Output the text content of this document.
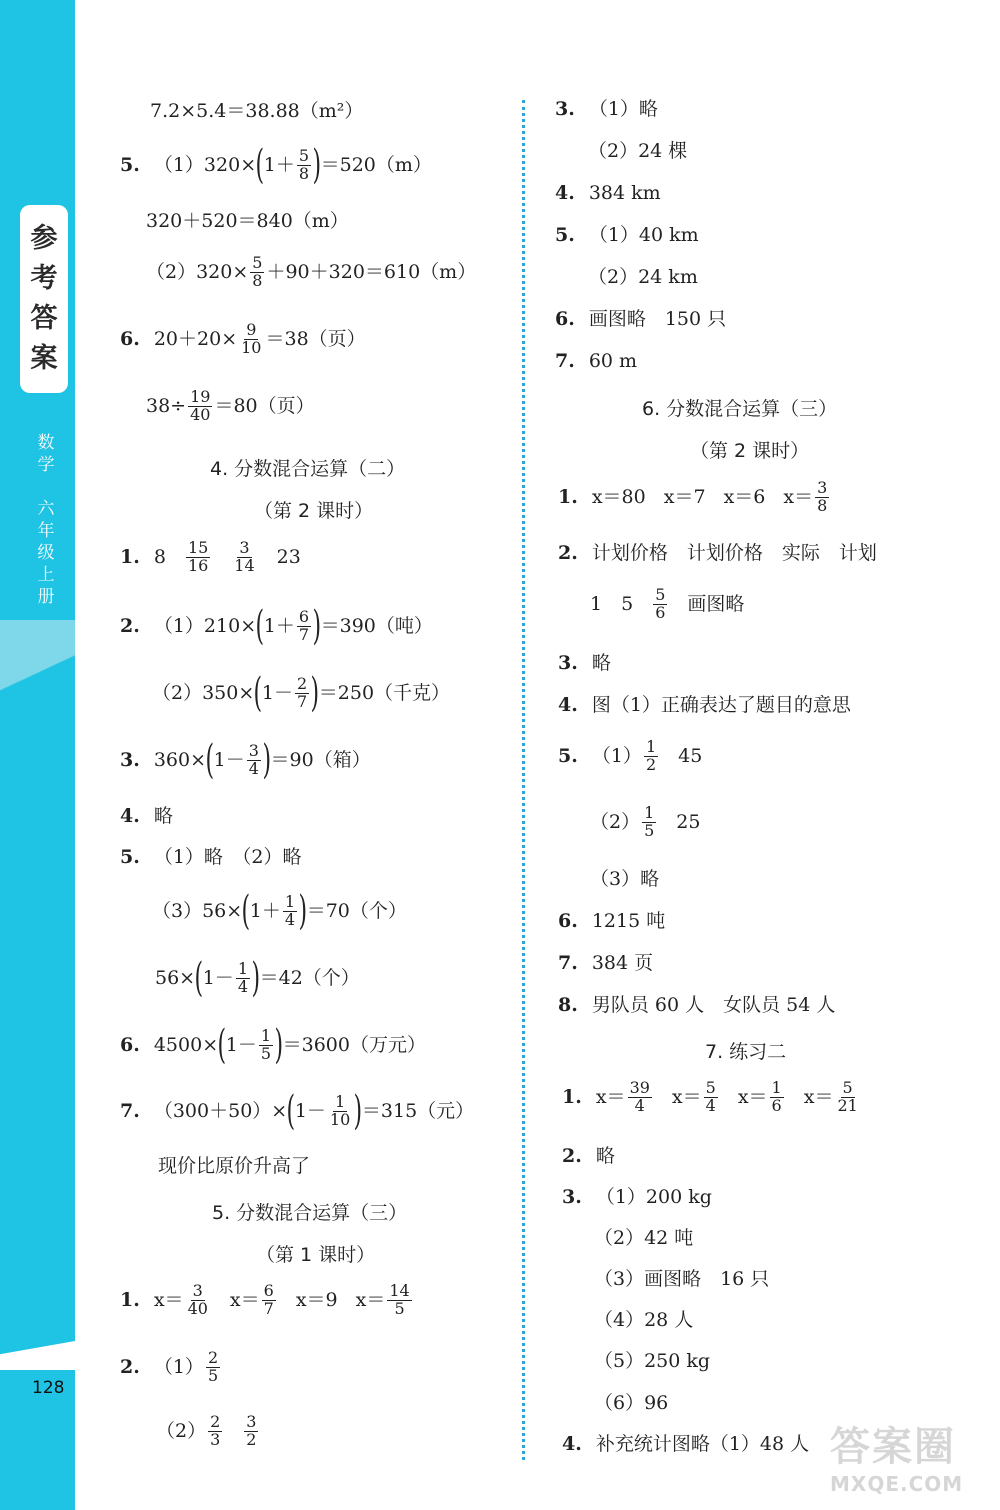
参
考
答
案
数
学
六
年
级
上
册
128
7.2×5.4＝38.88（m²）
5. （1）320× ( $1+ \frac{5}{8}$ ) ＝520（m）
320＋520＝840（m）
$(2)320\times \frac{5}{8} +90+320=610(m)$
6. $20+20\times \frac{9}{10} =38$（页）
$38\div \frac{19}{40} =80$（页）
4. 分数混合运算（二）
（第 2 课时）
1. $8 \frac{15}{16} \frac{3}{14} 23$
2. （1）210× ( $1+ \frac{6}{7}$ ) ＝390（吨）
（2）350× ( $1- \frac{2}{7}$ ) ＝250（千克）
3. 360× ( $1- \frac{3}{4}$ ) ＝90（箱）
4. 略
5. （1）略　（2）略
（3）56× ( $1+ \frac{1}{4}$ ) ＝70（个）
56× ( $1- \frac{1}{4}$ ) ＝42（个）
6. 4500× ( $1- \frac{1}{5}$ ) ＝3600（万元）
7. （300＋50）× ( $1- \frac{1}{10}$ ) ＝315（元）
现价比原价升高了
5. 分数混合运算（三）
（第 1 课时）
1. $x= \frac{3}{40} x= \frac{6}{7} x=9$ $x= \frac{14}{5}$
2. $(1) \frac{2}{5}$
$(2) \frac{2}{3} \frac{3}{2}$
3. （1）略
（2）24 棵
4. 384 km
5. （1）40 km
（2）24 km
6. 画图略　150 只
7. 60 m
6. 分数混合运算（三）
（第 2 课时）
1. x＝80 x＝7 x＝6 $x= \frac{3}{8}$
2. 计划价格　计划价格　实际　计划
1　$5 \frac{5}{6}$ 画图略
3. 略
4. 图（1）正确表达了题目的意思
5. $(1) \frac{1}{2} 45$
$(2) \frac{1}{5} 25$
（3）略
6. 1215 吨
7. 384 页
8. 男队员 60 人　女队员 54 人
7. 练习二
1. $x= \frac{39}{4} x= \frac{5}{4} x= \frac{1}{6} x= \frac{5}{21}$
2. 略
3. （1）200 kg
（2）42 吨
（3）画图略　16 只
（4）28 人
（5）250 kg
（6）96
4. 补充统计图略（1）48 人 答案圈
MXQE.COM
